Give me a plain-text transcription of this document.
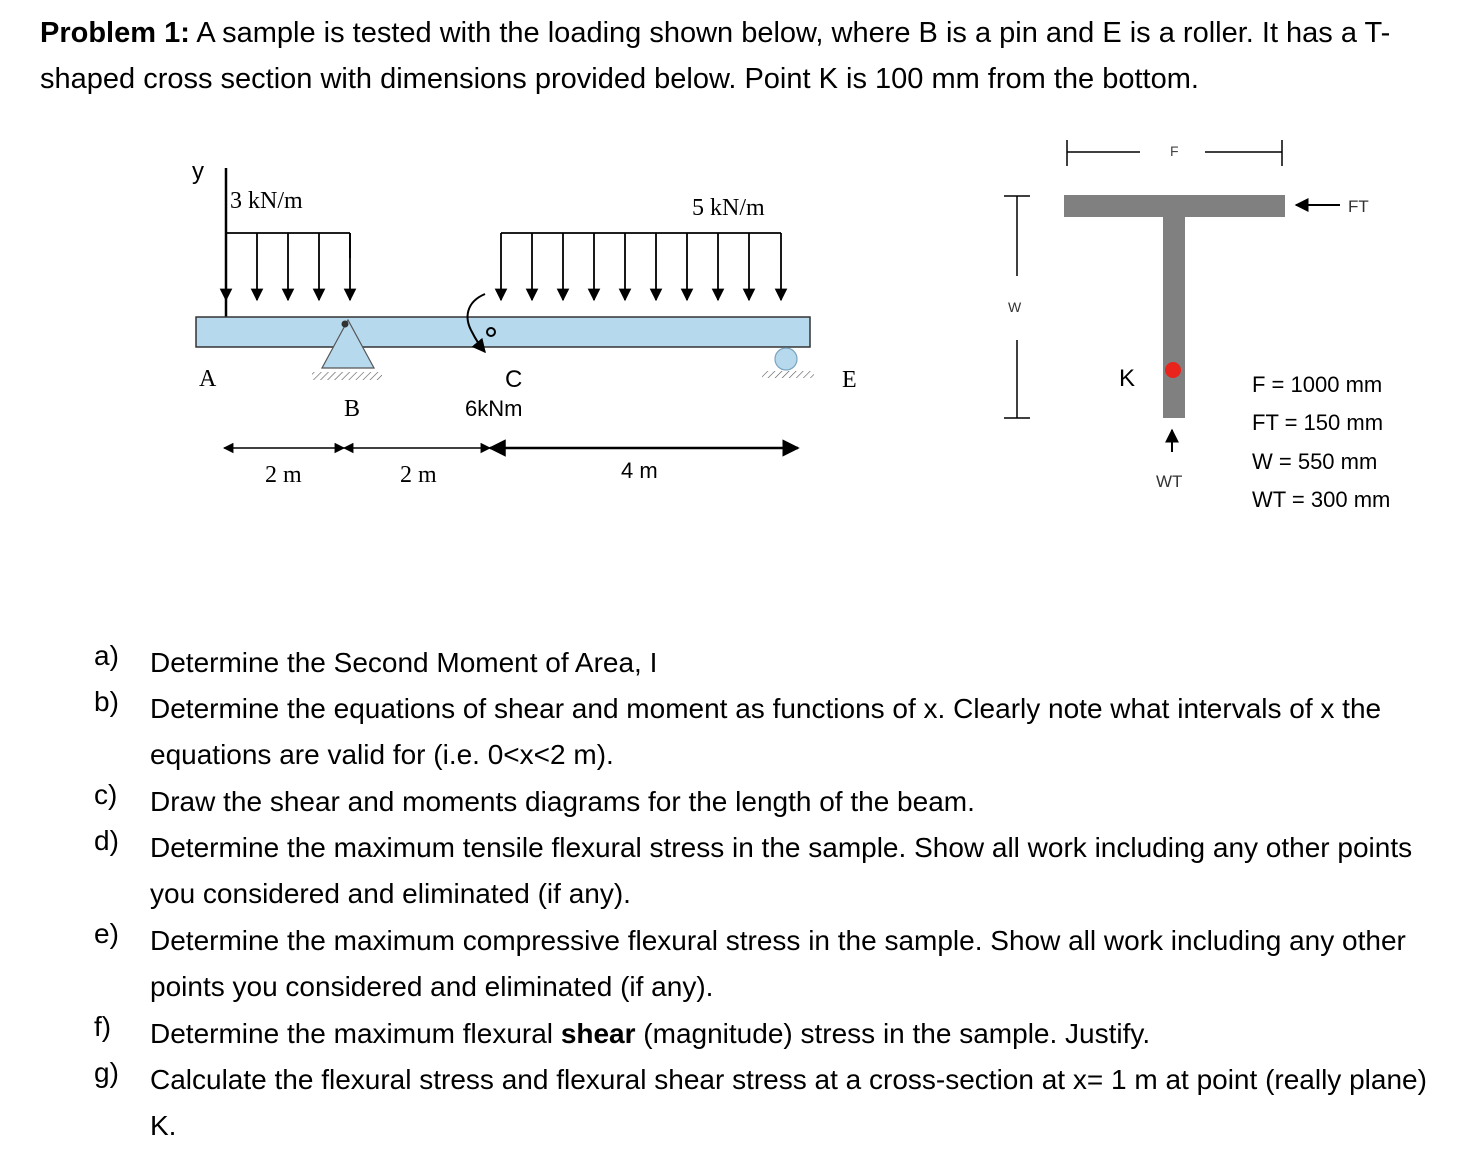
Problem 1: A sample is tested with the loading shown below, where B is a pin and E is a roller. It has a T-shaped cross section with dimensions provided below. Point K is 100 mm from the bottom.
y
3 kN/m	5 kN/m
A
B
C
6kNm
E
2 m	2 m	4 m
F
FT
W
K
WT
F = 1000 mm
FT = 150 mm
W = 550 mm
WT = 300 mm
a) Determine the Second Moment of Area, I
b) Determine the equations of shear and moment as functions of x. Clearly note what intervals of x the equations are valid for (i.e. 0<x<2 m).
c) Draw the shear and moments diagrams for the length of the beam.
d) Determine the maximum tensile flexural stress in the sample. Show all work including any other points you considered and eliminated (if any).
e) Determine the maximum compressive flexural stress in the sample. Show all work including any other points you considered and eliminated (if any).
f) Determine the maximum flexural shear (magnitude) stress in the sample. Justify.
g) Calculate the flexural stress and flexural shear stress at a cross-section at x= 1 m at point (really plane) K.
